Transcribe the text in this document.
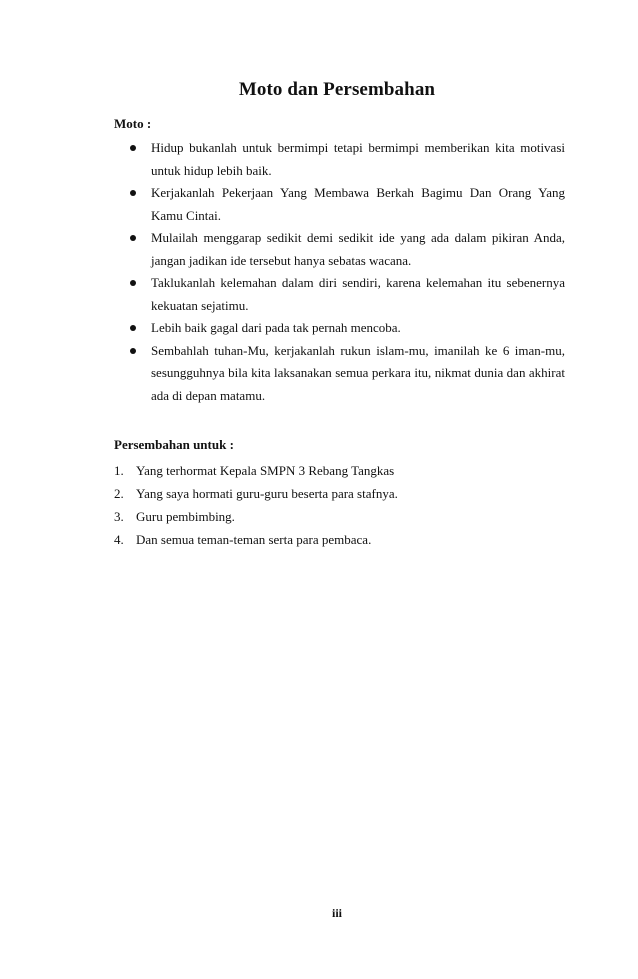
Moto dan Persembahan
Moto :
Hidup bukanlah untuk bermimpi tetapi bermimpi memberikan kita motivasi untuk hidup lebih baik.
Kerjakanlah Pekerjaan Yang Membawa Berkah Bagimu Dan Orang Yang Kamu Cintai.
Mulailah menggarap sedikit demi sedikit ide yang ada dalam pikiran Anda, jangan jadikan ide tersebut hanya sebatas wacana.
Taklukanlah kelemahan dalam diri sendiri, karena kelemahan itu sebenernya kekuatan sejatimu.
Lebih baik gagal dari pada tak pernah mencoba.
Sembahlah tuhan-Mu, kerjakanlah rukun islam-mu, imanilah ke 6 iman-mu, sesungguhnya bila kita laksanakan semua perkara itu, nikmat dunia dan akhirat ada di depan matamu.
Persembahan untuk :
1. Yang terhormat Kepala SMPN 3 Rebang Tangkas
2. Yang saya hormati guru-guru beserta para stafnya.
3. Guru pembimbing.
4. Dan semua teman-teman serta para pembaca.
iii
